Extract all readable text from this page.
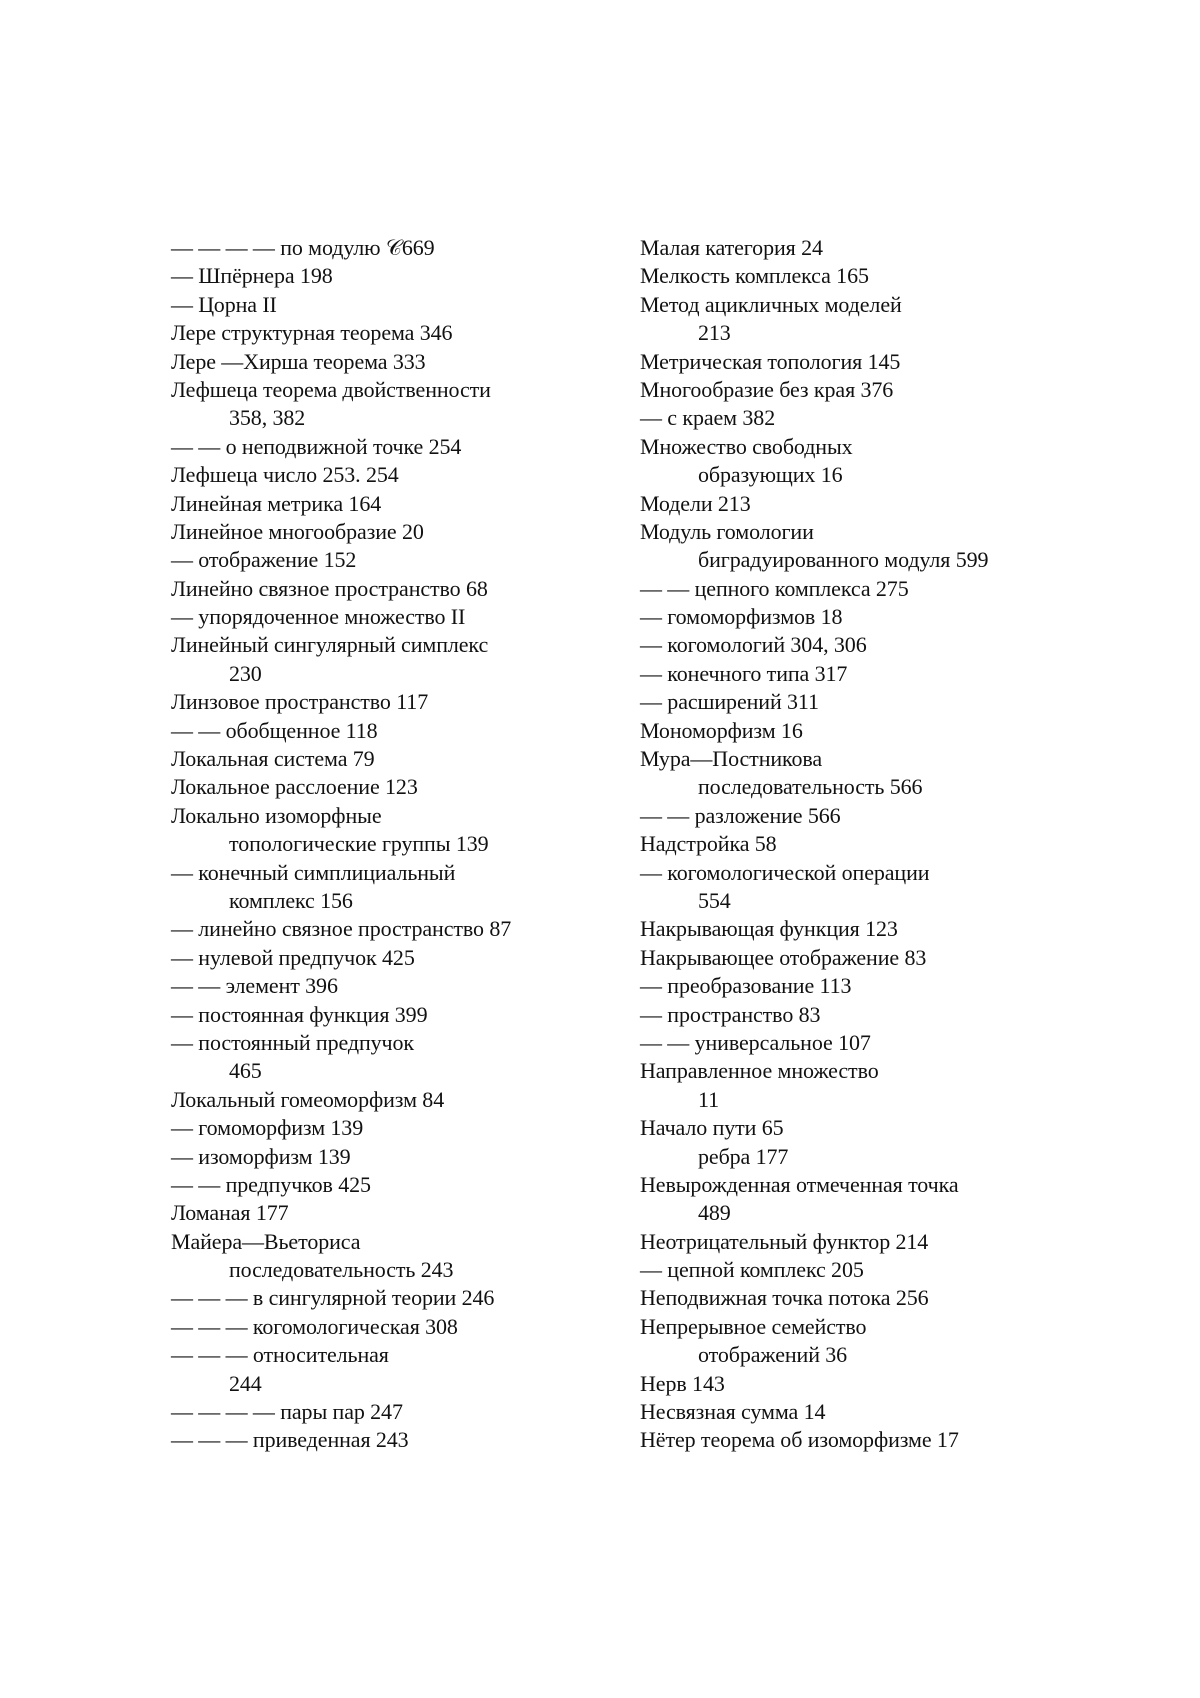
— — — — по модулю 𝒞669
— Шпёрнера 198
— Цорна II
Лере структурная теорема 346
Лере —Хирша теорема 333
Лефшеца теорема двойственности
358, 382
— — о неподвижной точке 254
Лефшеца число 253. 254
Линейная метрика 164
Линейное многообразие 20
— отображение 152
Линейно связное пространство 68
— упорядоченное множество II
Линейный сингулярный симплекс
230
Линзовое пространство 117
— — обобщенное 118
Локальная система 79
Локальное расслоение 123
Локально изоморфные
топологические группы 139
— конечный симплициальный
комплекс 156
— линейно связное пространство 87
— нулевой предпучок 425
— — элемент 396
— постоянная функция 399
— постоянный предпучок
465
Локальный гомеоморфизм 84
— гомоморфизм 139
— изоморфизм 139
— — предпучков 425
Ломаная 177
Майера—Вьеториса
последовательность 243
— — — в сингулярной теории 246
— — — когомологическая 308
— — — относительная
244
— — — — пары пар 247
— — — приведенная 243
Малая категория 24
Мелкость комплекса 165
Метод ацикличных моделей
213
Метрическая топология 145
Многообразие без края 376
— с краем 382
Множество свободных
образующих 16
Модели 213
Модуль гомологии
биградуированного модуля 599
— — цепного комплекса 275
— гомоморфизмов 18
— когомологий 304, 306
— конечного типа 317
— расширений 311
Мономорфизм 16
Мура—Постникова
последовательность 566
— — разложение 566
Надстройка 58
— когомологической операции
554
Накрывающая функция 123
Накрывающее отображение 83
— преобразование 113
— пространство 83
— — универсальное 107
Направленное множество
11
Начало пути 65
ребра 177
Невырожденная отмеченная точка
489
Неотрицательный функтор 214
— цепной комплекс 205
Неподвижная точка потока 256
Непрерывное семейство
отображений 36
Нерв 143
Несвязная сумма 14
Нётер теорема об изоморфизме 17
